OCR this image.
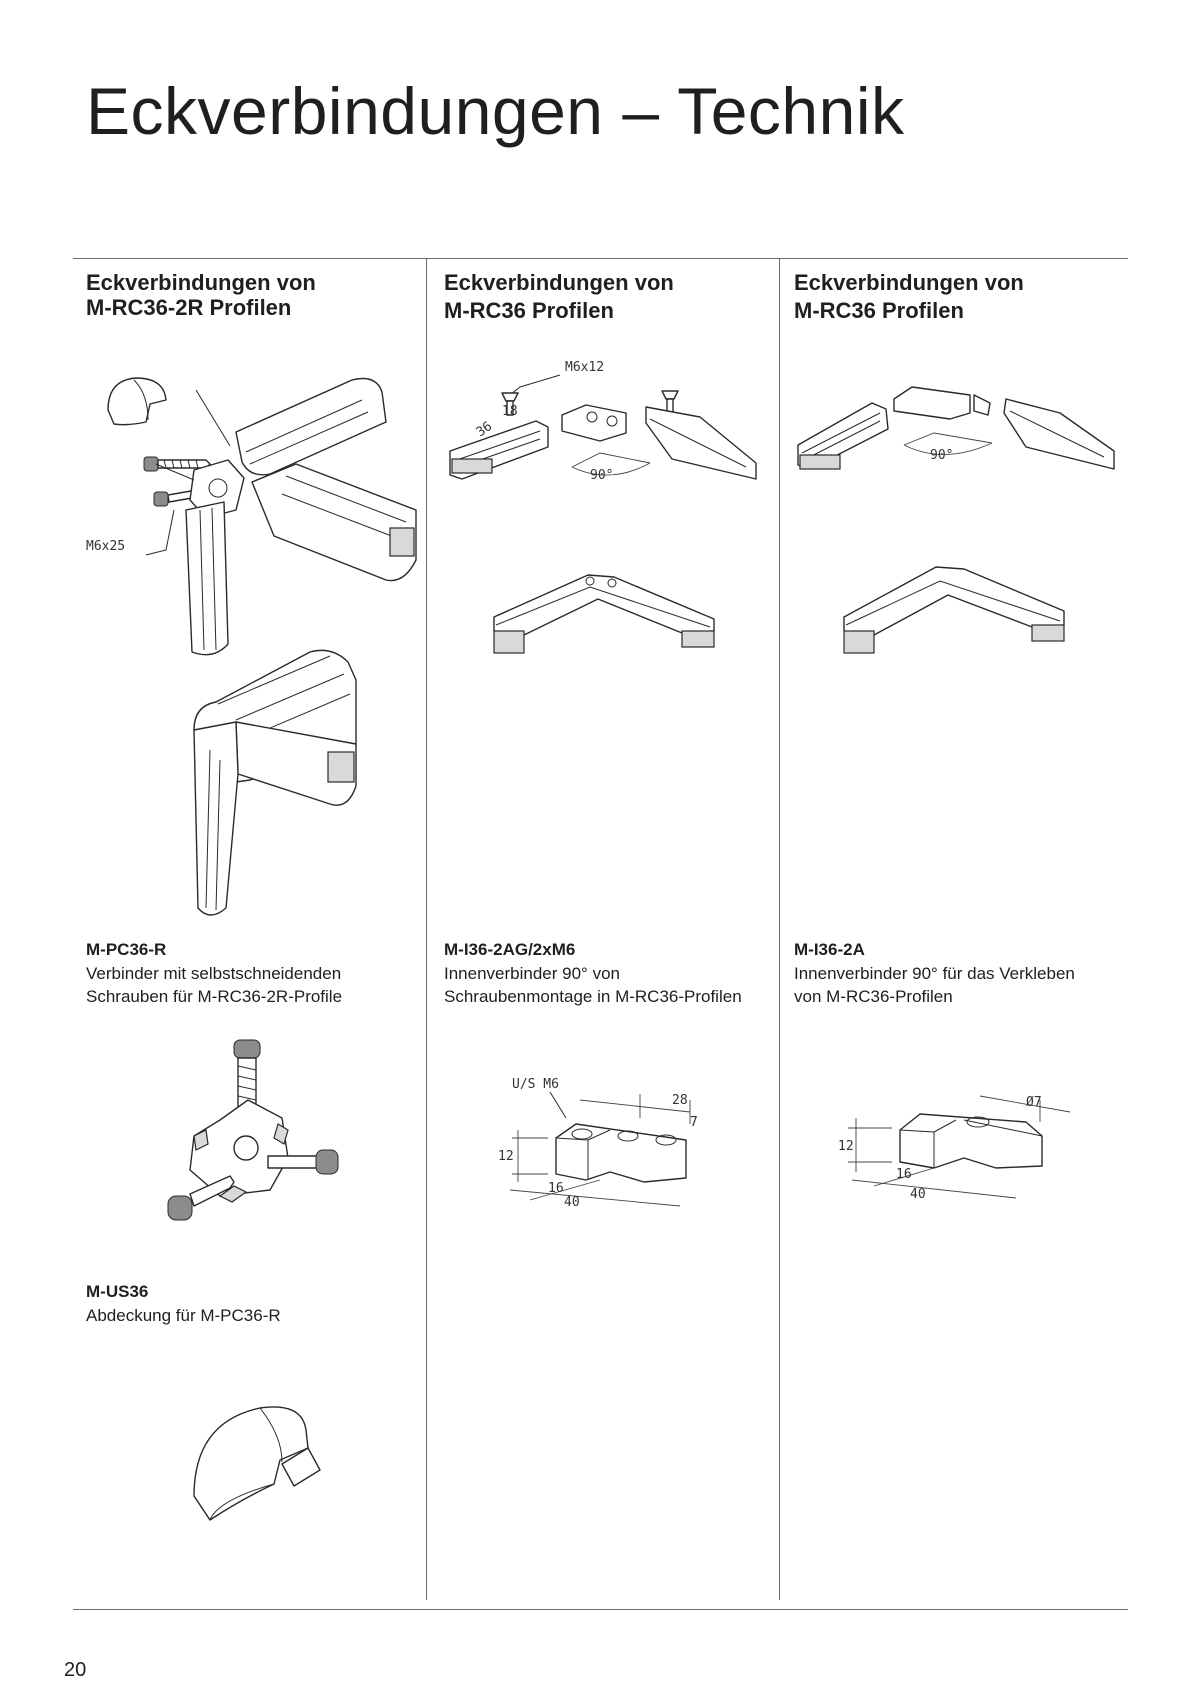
Eckverbindungen – Technik
Eckverbindungen von
M-RC36-2R Profilen
Eckverbindungen von
M-RC36 Profilen
Eckverbindungen von
M-RC36 Profilen
M6x25
M-PC36-R
Verbinder mit selbstschneidenden
Schrauben für M-RC36-2R-Profile
M-US36
Abdeckung für M-PC36-R
M6x12
36
18
90°
M-I36-2AG/2xM6
Innenverbinder 90° von
Schraubenmontage in M-RC36-Profilen
U/S M6
28
7
12
16
40
90°
M-I36-2A
Innenverbinder 90° für das Verkleben
von M-RC36-Profilen
Ø7
12
16
40
20
